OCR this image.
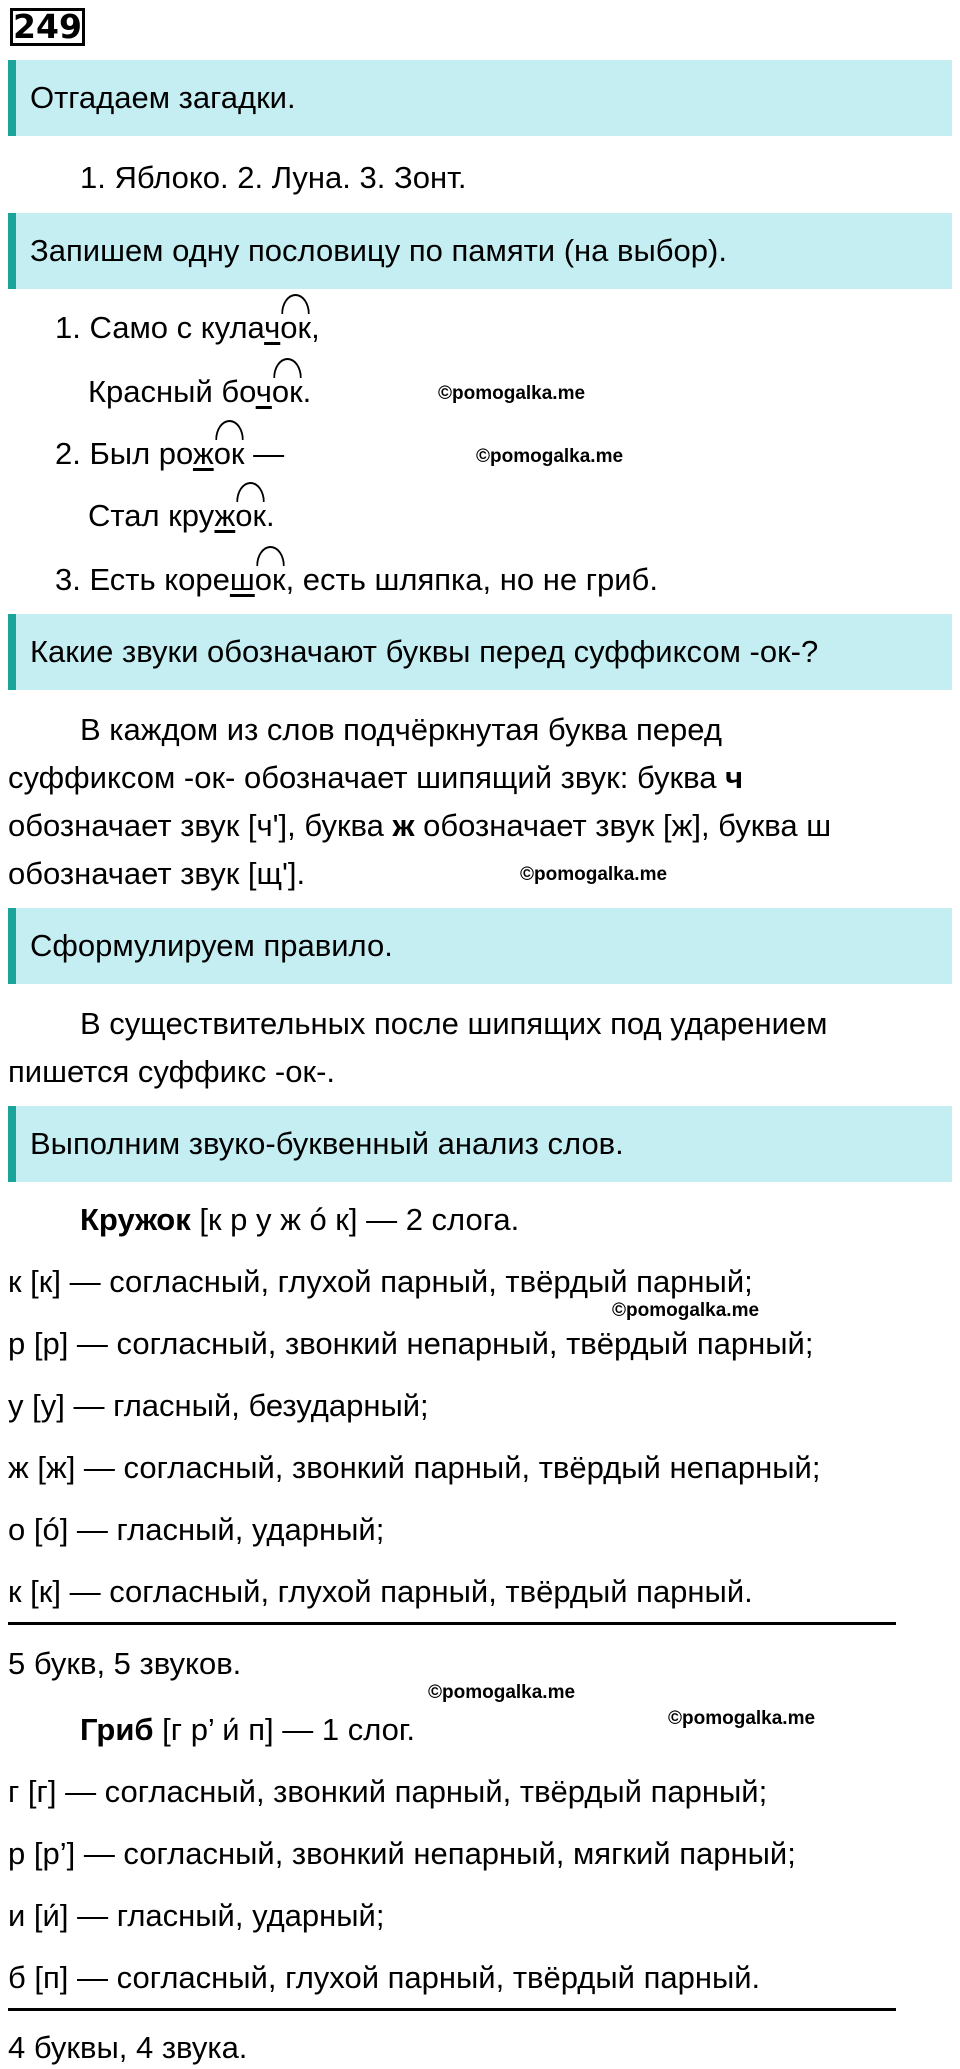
249
Отгадаем загадки.
1. Яблоко. 2. Луна. 3. Зонт.
Запишем одну пословицу по памяти (на выбор).
1. Само с кулачок,
Красный бочок.
2. Был рожок —
Стал кружок.
3. Есть корешок, есть шляпка, но не гриб.
©pomogalka.me
©pomogalka.me
Какие звуки обозначают буквы перед суффиксом -ок-?
В каждом из слов подчёркнутая буква перед
суффиксом -ок- обозначает шипящий звук: буква ч
обозначает звук [ч'], буква ж обозначает звук [ж], буква ш
обозначает звук [щ'].	©pomogalka.me
Сформулируем правило.
В существительных после шипящих под ударением
пишется суффикс -ок-.
Выполним звуко-буквенный анализ слов.
Кружок [к р у ж ó к] — 2 слога.
к [к] — согласный, глухой парный, твёрдый парный;
р [р] — согласный, звонкий непарный, твёрдый парный;
у [у] — гласный, безударный;
ж [ж] — согласный, звонкий парный, твёрдый непарный;
о [ó] — гласный, ударный;
к [к] — согласный, глухой парный, твёрдый парный.
5 букв, 5 звуков.
©pomogalka.me
©pomogalka.me
©pomogalka.me
Гриб [г р’ и́ п] — 1 слог.
г [г] — согласный, звонкий парный, твёрдый парный;
р [р’] — согласный, звонкий непарный, мягкий парный;
и [и́] — гласный, ударный;
б [п] — согласный, глухой парный, твёрдый парный.
4 буквы, 4 звука.
